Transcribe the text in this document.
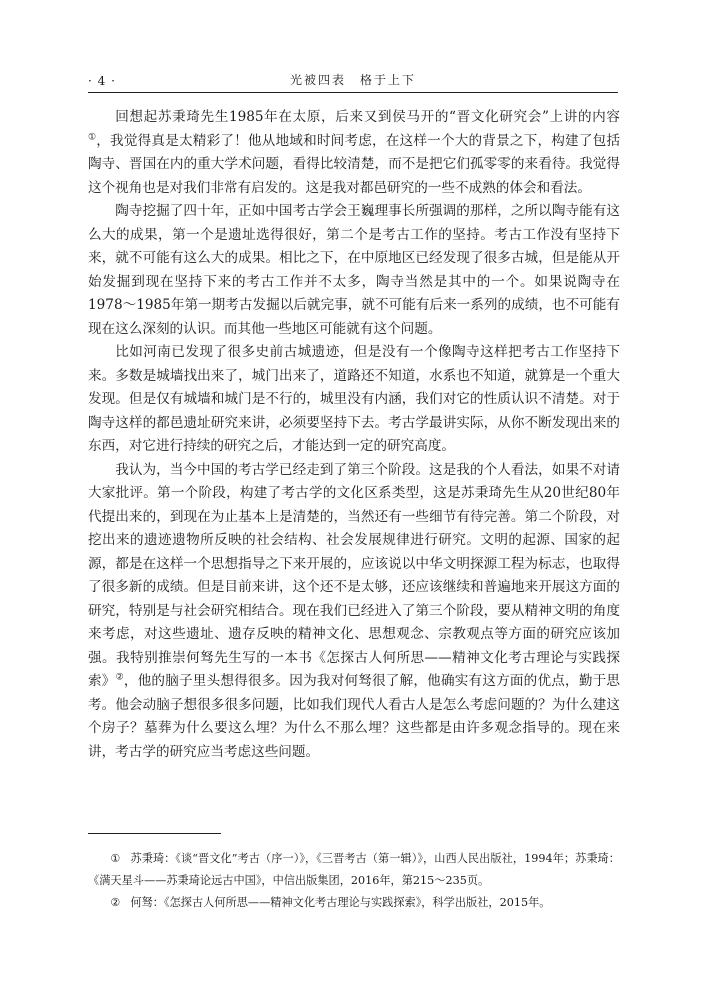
· 4 ·	光被四表　格于上下

回想起苏秉琦先生1985年在太原，后来又到侯马开的“晋文化研究会”上讲的内容①，我觉得真是太精彩了！他从地域和时间考虑，在这样一个大的背景之下，构建了包括陶寺、晋国在内的重大学术问题，看得比较清楚，而不是把它们孤零零的来看待。我觉得这个视角也是对我们非常有启发的。这是我对都邑研究的一些不成熟的体会和看法。

陶寺挖掘了四十年，正如中国考古学会王巍理事长所强调的那样，之所以陶寺能有这么大的成果，第一个是遗址选得很好，第二个是考古工作的坚持。考古工作没有坚持下来，就不可能有这么大的成果。相比之下，在中原地区已经发现了很多古城，但是能从开始发掘到现在坚持下来的考古工作并不太多，陶寺当然是其中的一个。如果说陶寺在1978～1985年第一期考古发掘以后就完事，就不可能有后来一系列的成绩，也不可能有现在这么深刻的认识。而其他一些地区可能就有这个问题。

比如河南已发现了很多史前古城遗迹，但是没有一个像陶寺这样把考古工作坚持下来。多数是城墙找出来了，城门出来了，道路还不知道，水系也不知道，就算是一个重大发现。但是仅有城墙和城门是不行的，城里没有内涵，我们对它的性质认识不清楚。对于陶寺这样的都邑遗址研究来讲，必须要坚持下去。考古学最讲实际，从你不断发现出来的东西，对它进行持续的研究之后，才能达到一定的研究高度。

我认为，当今中国的考古学已经走到了第三个阶段。这是我的个人看法，如果不对请大家批评。第一个阶段，构建了考古学的文化区系类型，这是苏秉琦先生从20世纪80年代提出来的，到现在为止基本上是清楚的，当然还有一些细节有待完善。第二个阶段，对挖出来的遗迹遗物所反映的社会结构、社会发展规律进行研究。文明的起源、国家的起源，都是在这样一个思想指导之下来开展的，应该说以中华文明探源工程为标志，也取得了很多新的成绩。但是目前来讲，这个还不是太够，还应该继续和普遍地来开展这方面的研究，特别是与社会研究相结合。现在我们已经进入了第三个阶段，要从精神文明的角度来考虑，对这些遗址、遗存反映的精神文化、思想观念、宗教观点等方面的研究应该加强。我特别推崇何驽先生写的一本书《怎探古人何所思——精神文化考古理论与实践探索》②，他的脑子里头想得很多。因为我对何驽很了解，他确实有这方面的优点，勤于思考。他会动脑子想很多很多问题，比如我们现代人看古人是怎么考虑问题的？为什么建这个房子？墓葬为什么要这么埋？为什么不那么埋？这些都是由许多观念指导的。现在来讲，考古学的研究应当考虑这些问题。

① 苏秉琦：《谈“晋文化”考古（序一）》，《三晋考古（第一辑）》，山西人民出版社，1994年；苏秉琦：《满天星斗——苏秉琦论远古中国》，中信出版集团，2016年，第215～235页。

② 何驽：《怎探古人何所思——精神文化考古理论与实践探索》，科学出版社，2015年。
